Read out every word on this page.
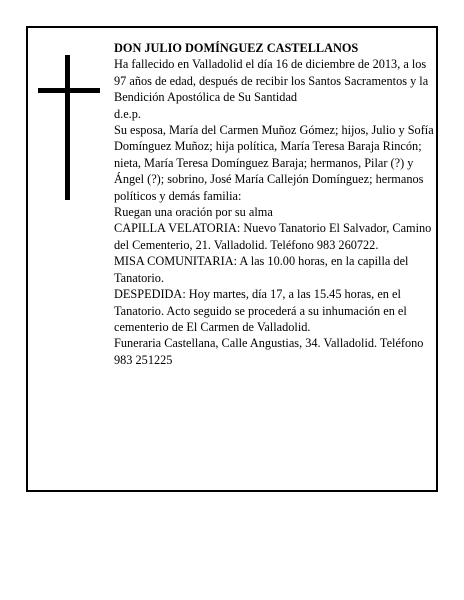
DON JULIO DOMÍNGUEZ CASTELLANOS

Ha fallecido en Valladolid el día 16 de diciembre de 2013, a los 97 años de edad, después de recibir los Santos Sacramentos y la Bendición Apostólica de Su Santidad

d.e.p.

Su esposa, María del Carmen Muñoz Gómez; hijos, Julio y Sofía Domínguez Muñoz; hija política, María Teresa Baraja Rincón; nieta, María Teresa Domínguez Baraja; hermanos, Pilar (?) y Ángel (?); sobrino, José María Callejón Domínguez; hermanos políticos y demás familia:

Ruegan una oración por su alma

CAPILLA VELATORIA: Nuevo Tanatorio El Salvador, Camino del Cementerio, 21. Valladolid. Teléfono 983 260722.

MISA COMUNITARIA: A las 10.00 horas, en la capilla del Tanatorio.

DESPEDIDA: Hoy martes, día 17, a las 15.45 horas, en el Tanatorio. Acto seguido se procederá a su inhumación en el cementerio de El Carmen de Valladolid.

Funeraria Castellana, Calle Angustias, 34. Valladolid. Teléfono 983 251225
